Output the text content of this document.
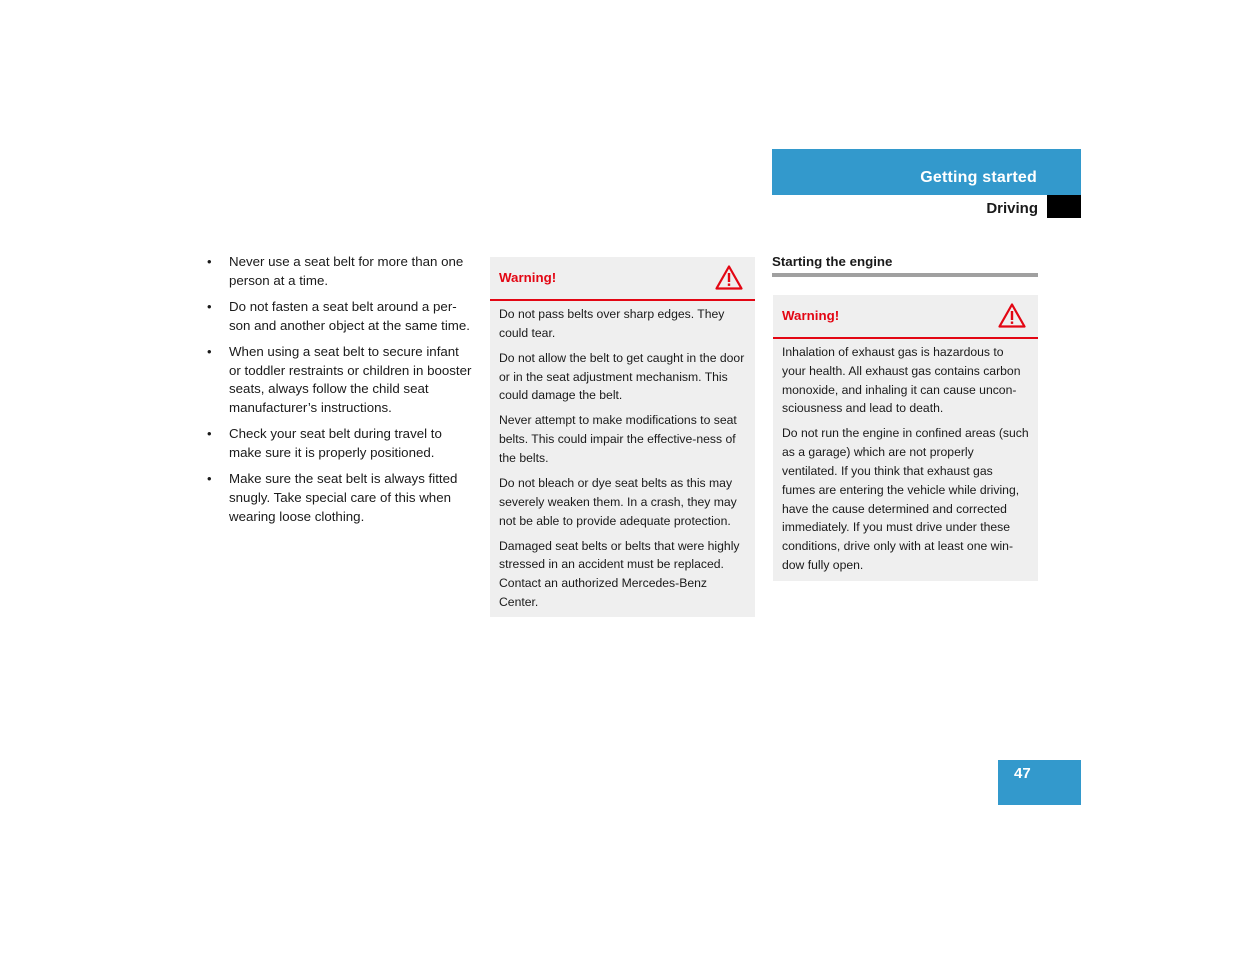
Getting started
Driving
• Never use a seat belt for more than one person at a time.
• Do not fasten a seat belt around a per-son and another object at the same time.
• When using a seat belt to secure infant or toddler restraints or children in booster seats, always follow the child seat manufacturer’s instructions.
• Check your seat belt during travel to make sure it is properly positioned.
• Make sure the seat belt is always fitted snugly. Take special care of this when wearing loose clothing.
Warning!

Do not pass belts over sharp edges. They could tear.

Do not allow the belt to get caught in the door or in the seat adjustment mechanism. This could damage the belt.

Never attempt to make modifications to seat belts. This could impair the effective-ness of the belts.

Do not bleach or dye seat belts as this may severely weaken them. In a crash, they may not be able to provide adequate protection.

Damaged seat belts or belts that were highly stressed in an accident must be replaced. Contact an authorized Mercedes-Benz Center.

Starting the engine
Warning!

Inhalation of exhaust gas is hazardous to your health. All exhaust gas contains carbon monoxide, and inhaling it can cause uncon-sciousness and lead to death.

Do not run the engine in confined areas (such as a garage) which are not properly ventilated. If you think that exhaust gas fumes are entering the vehicle while driving, have the cause determined and corrected immediately. If you must drive under these conditions, drive only with at least one win-dow fully open.

47
